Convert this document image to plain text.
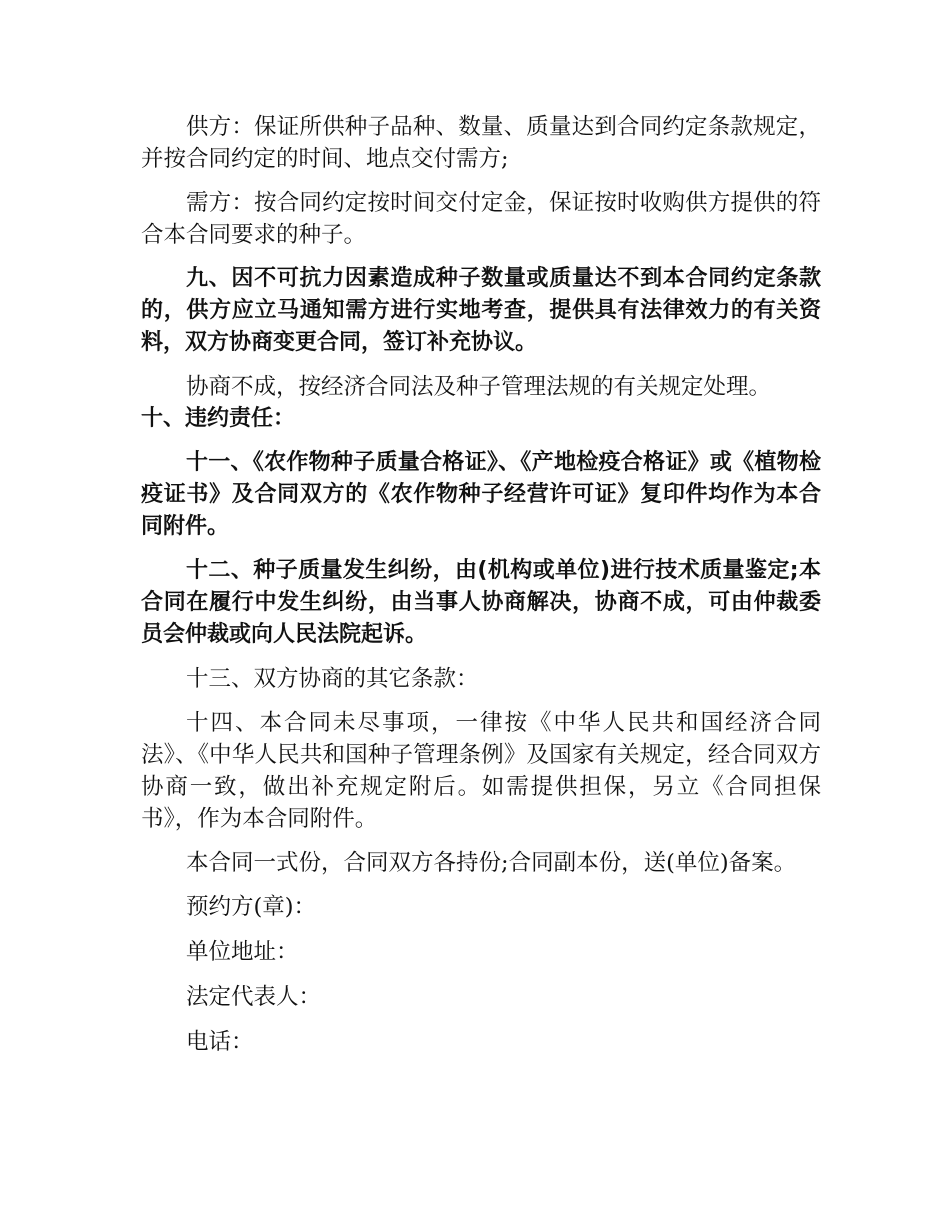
供方：保证所供种子品种、数量、质量达到合同约定条款规定，并按合同约定的时间、地点交付需方;

需方：按合同约定按时间交付定金，保证按时收购供方提供的符合本合同要求的种子。

九、因不可抗力因素造成种子数量或质量达不到本合同约定条款的，供方应立马通知需方进行实地考查，提供具有法律效力的有关资料，双方协商变更合同，签订补充协议。

协商不成，按经济合同法及种子管理法规的有关规定处理。

十、违约责任：

十一、《农作物种子质量合格证》、《产地检疫合格证》或《植物检疫证书》及合同双方的《农作物种子经营许可证》复印件均作为本合同附件。

十二、种子质量发生纠纷，由(机构或单位)进行技术质量鉴定;本合同在履行中发生纠纷，由当事人协商解决，协商不成，可由仲裁委员会仲裁或向人民法院起诉。

十三、双方协商的其它条款：

十四、本合同未尽事项，一律按《中华人民共和国经济合同法》、《中华人民共和国种子管理条例》及国家有关规定，经合同双方协商一致，做出补充规定附后。如需提供担保，另立《合同担保书》，作为本合同附件。

本合同一式份，合同双方各持份;合同副本份，送(单位)备案。

预约方(章)：

单位地址：

法定代表人：

电话：
